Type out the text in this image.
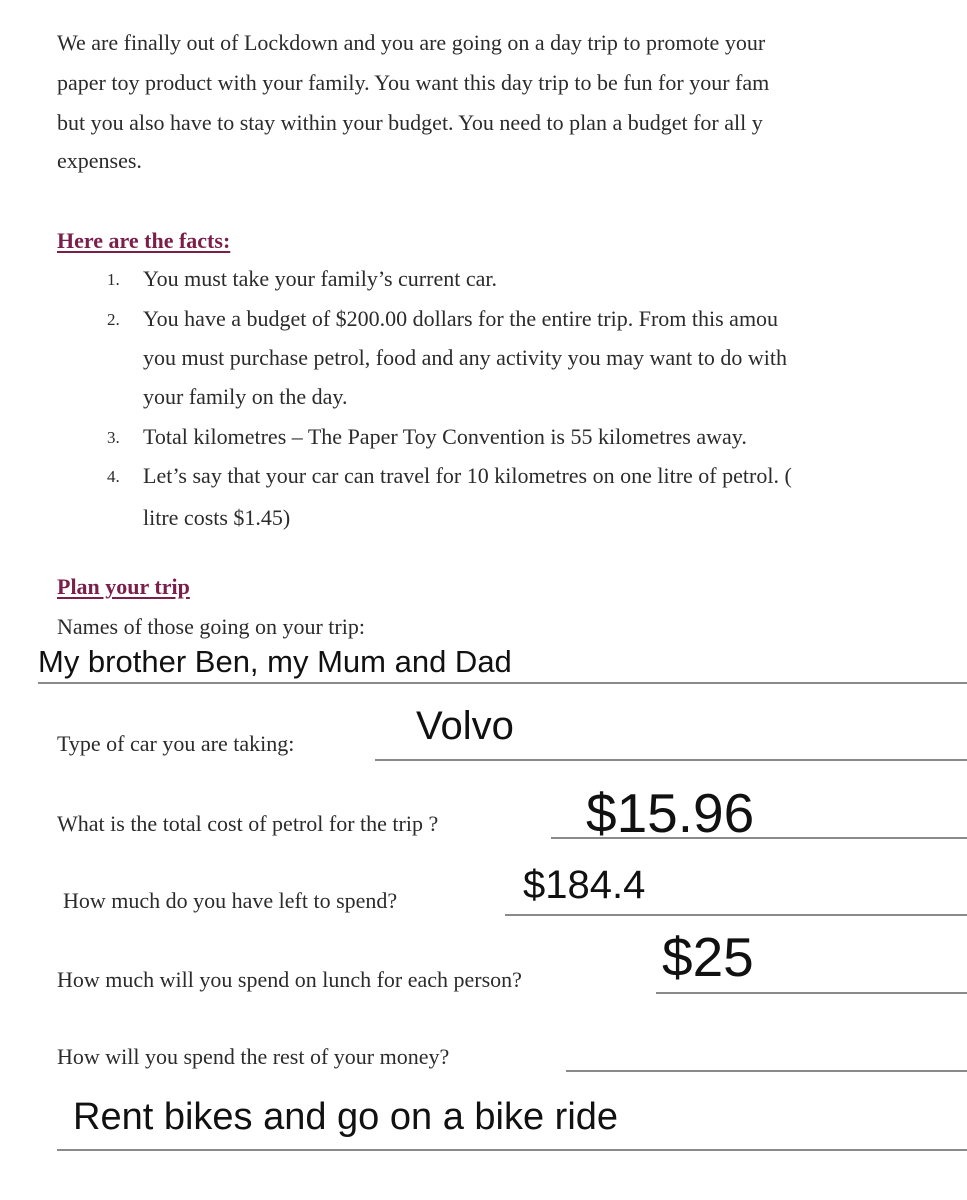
We are finally out of Lockdown and you are going on a day trip to promote your
paper toy product with your family. You want this day trip to be fun for your fam
but you also have to stay within your budget. You need to plan a budget for all y
expenses.
Here are the facts:
1. You must take your family’s current car.
2. You have a budget of $200.00 dollars for the entire trip. From this amou
you must purchase petrol, food and any activity you may want to do with
your family on the day.
3. Total kilometres – The Paper Toy Convention is 55 kilometres away.
4. Let’s say that your car can travel for 10 kilometres on one litre of petrol. (
litre costs $1.45)
Plan your trip
Names of those going on your trip:
My brother Ben, my Mum and Dad
Type of car you are taking:	Volvo
What is the total cost of petrol for the trip ?	$15.96
How much do you have left to spend?	$184.4
How much will you spend on lunch for each person?	$25
How will you spend the rest of your money?
Rent bikes and go on a bike ride
